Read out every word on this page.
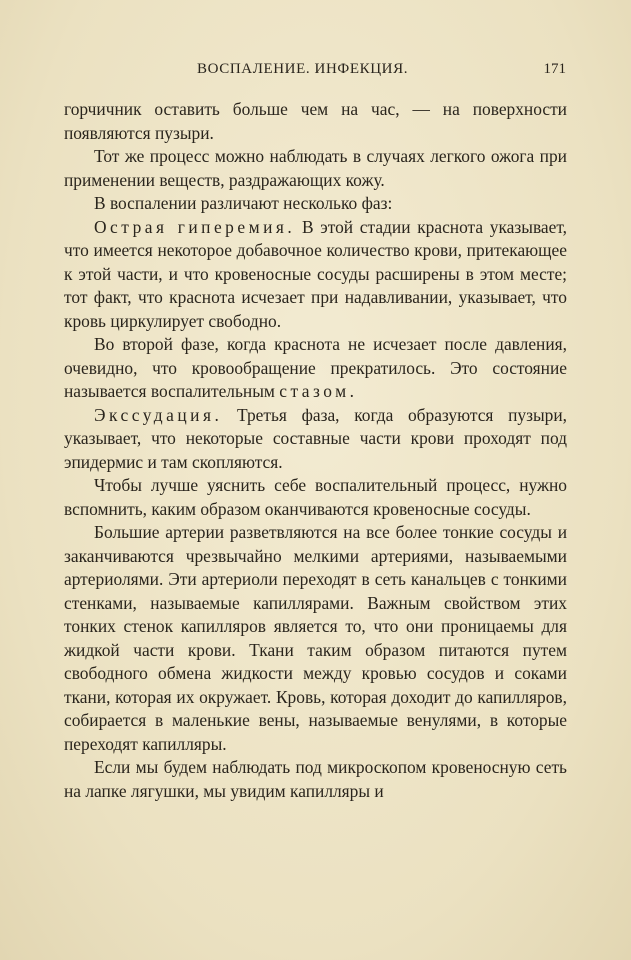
ВОСПАЛЕНИЕ. ИНФЕКЦИЯ.	171

горчичник оставить больше чем на час, — на поверхности появляются пузыри.

Тот же процесс можно наблюдать в случаях легкого ожога при применении веществ, раздражающих кожу.

В воспалении различают несколько фаз:

Острая гиперемия. В этой стадии краснота указывает, что имеется некоторое добавочное количество крови, притекающее к этой части, и что кровеносные сосуды расширены в этом месте; тот факт, что краснота исчезает при надавливании, указывает, что кровь циркулирует свободно.

Во второй фазе, когда краснота не исчезает после давления, очевидно, что кровообращение прекратилось. Это состояние называется воспалительным стазом.

Экссудация. Третья фаза, когда образуются пузыри, указывает, что некоторые составные части крови проходят под эпидермис и там скопляются.

Чтобы лучше уяснить себе воспалительный процесс, нужно вспомнить, каким образом оканчиваются кровеносные сосуды.

Большие артерии разветвляются на все более тонкие сосуды и заканчиваются чрезвычайно мелкими артериями, называемыми артериолями. Эти артериоли переходят в сеть канальцев с тонкими стенками, называемые капиллярами. Важным свойством этих тонких стенок капилляров является то, что они проницаемы для жидкой части крови. Ткани таким образом питаются путем свободного обмена жидкости между кровью сосудов и соками ткани, которая их окружает. Кровь, которая доходит до капилляров, собирается в маленькие вены, называемые венулями, в которые переходят капилляры.

Если мы будем наблюдать под микроскопом кровеносную сеть на лапке лягушки, мы увидим капилляры и
